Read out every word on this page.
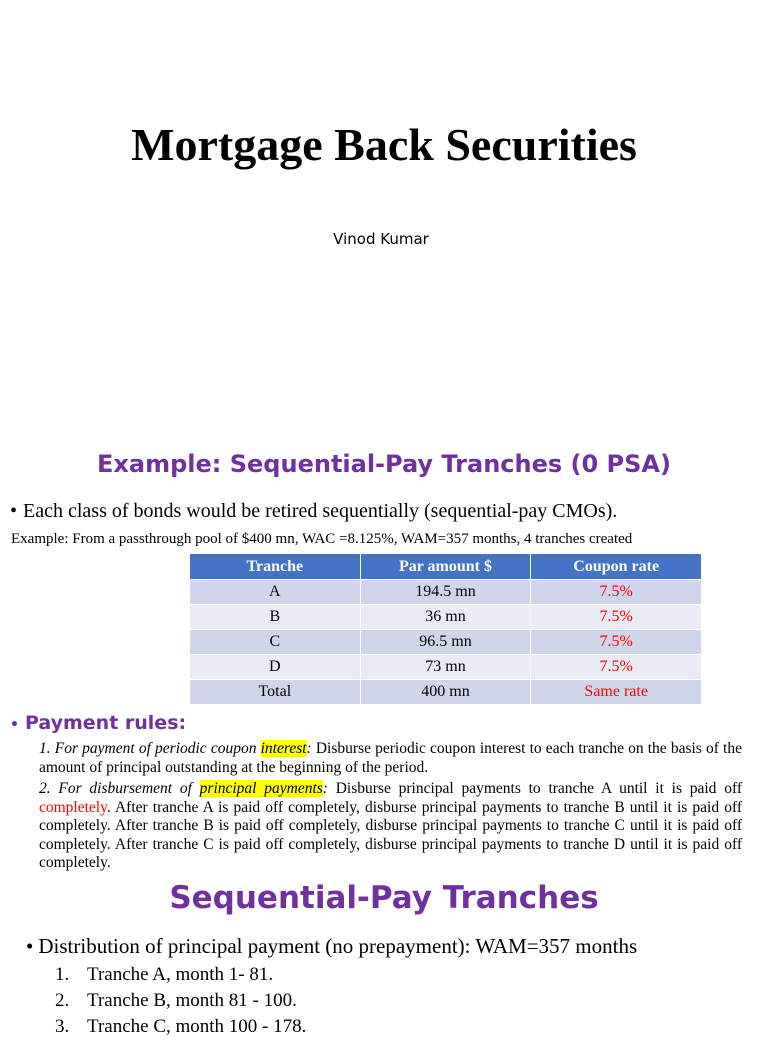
Mortgage Back Securities
Vinod Kumar
Example: Sequential-Pay Tranches (0 PSA)
• Each class of bonds would be retired sequentially (sequential-pay CMOs).
Example: From a passthrough pool of $400 mn, WAC =8.125%, WAM=357 months, 4 tranches created
Tranche	Par amount $	Coupon rate
A	194.5 mn	7.5%
B	36 mn	7.5%
C	96.5 mn	7.5%
D	73 mn	7.5%
Total	400 mn	Same rate
• Payment rules:
1. For payment of periodic coupon interest: Disburse periodic coupon interest to each tranche on the basis of the amount of principal outstanding at the beginning of the period.
2. For disbursement of principal payments: Disburse principal payments to tranche A until it is paid off completely. After tranche A is paid off completely, disburse principal payments to tranche B until it is paid off completely. After tranche B is paid off completely, disburse principal payments to tranche C until it is paid off completely. After tranche C is paid off completely, disburse principal payments to tranche D until it is paid off completely.
Sequential-Pay Tranches
• Distribution of principal payment (no prepayment): WAM=357 months
1. Tranche A, month 1- 81.
2. Tranche B, month 81 - 100.
3. Tranche C, month 100 - 178.
